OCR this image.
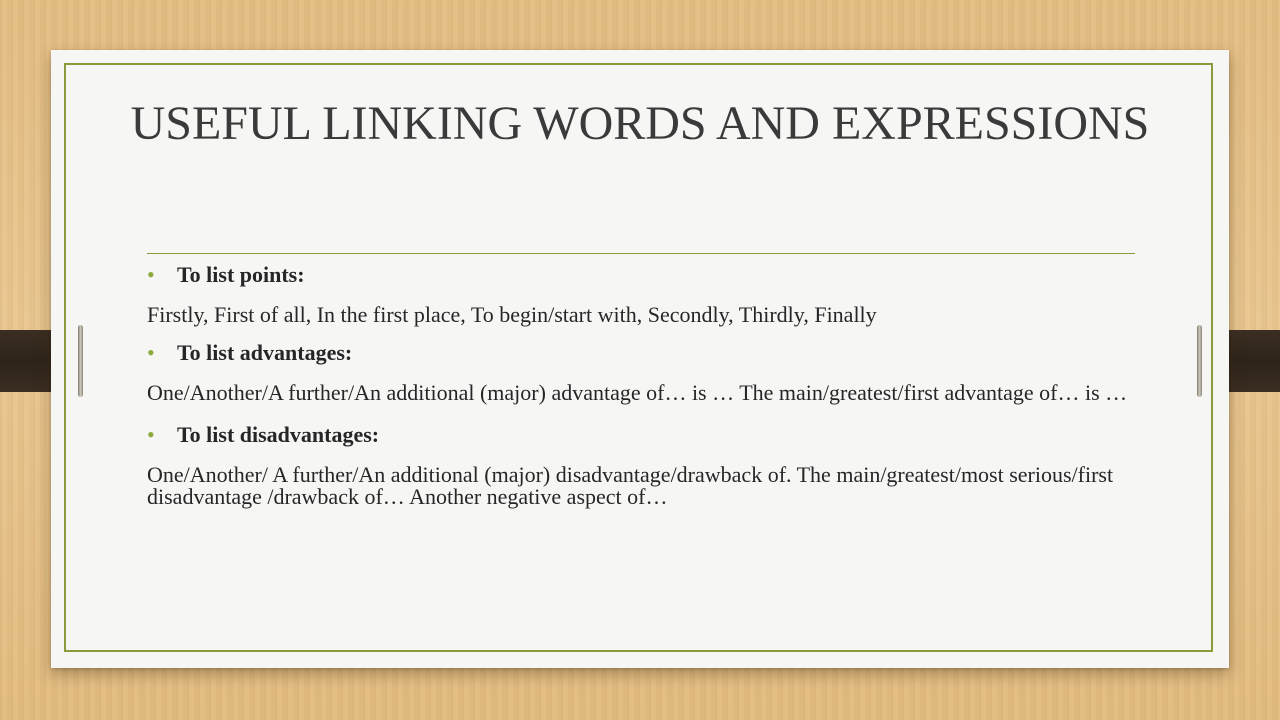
USEFUL LINKING WORDS AND EXPRESSIONS

• To list points:

Firstly, First of all, In the first place, To begin/start with, Secondly, Thirdly, Finally

• To list advantages:

One/Another/A further/An additional (major) advantage of… is … The main/greatest/first advantage of… is …

• To list disadvantages:

One/Another/ A further/An additional (major) disadvantage/drawback of. The main/greatest/most serious/first disadvantage /drawback of… Another negative aspect of…
